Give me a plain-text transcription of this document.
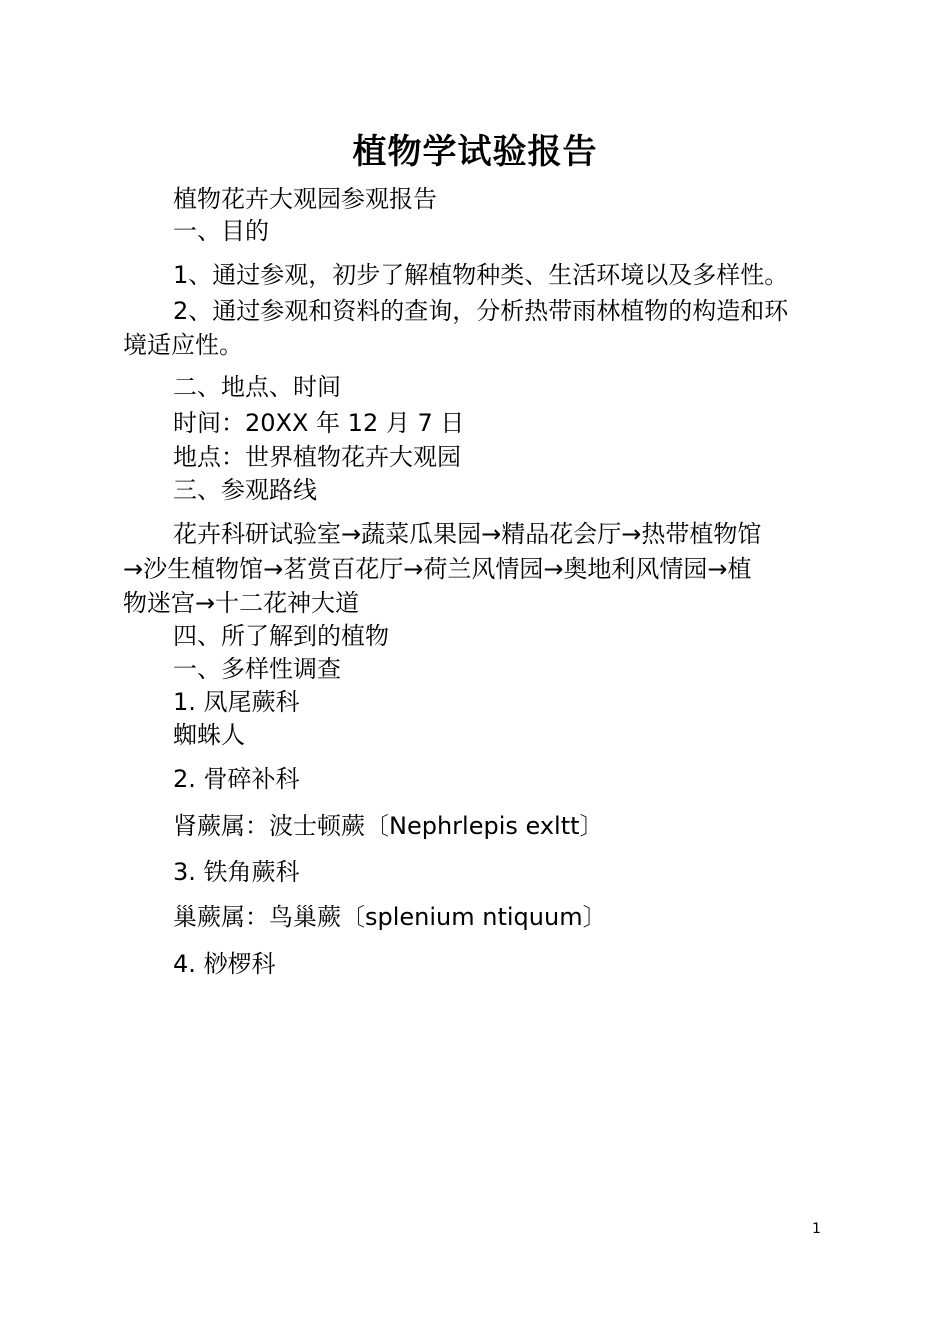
植物学试验报告

植物花卉大观园参观报告

一、目的

1、通过参观，初步了解植物种类、生活环境以及多样性。

2、通过参观和资料的查询，分析热带雨林植物的构造和环

境适应性。

二、地点、时间

时间：20XX 年 12 月 7 日

地点：世界植物花卉大观园

三、参观路线

花卉科研试验室→蔬菜瓜果园→精品花会厅→热带植物馆

→沙生植物馆→茗赏百花厅→荷兰风情园→奥地利风情园→植

物迷宫→十二花神大道

四、所了解到的植物

一、多样性调查

1. 凤尾蕨科

蜘蛛人

2. 骨碎补科

肾蕨属：波士顿蕨〔Nephrlepis exltt〕

3. 铁角蕨科

巢蕨属：鸟巢蕨〔splenium ntiquum〕

4. 桫椤科

1
